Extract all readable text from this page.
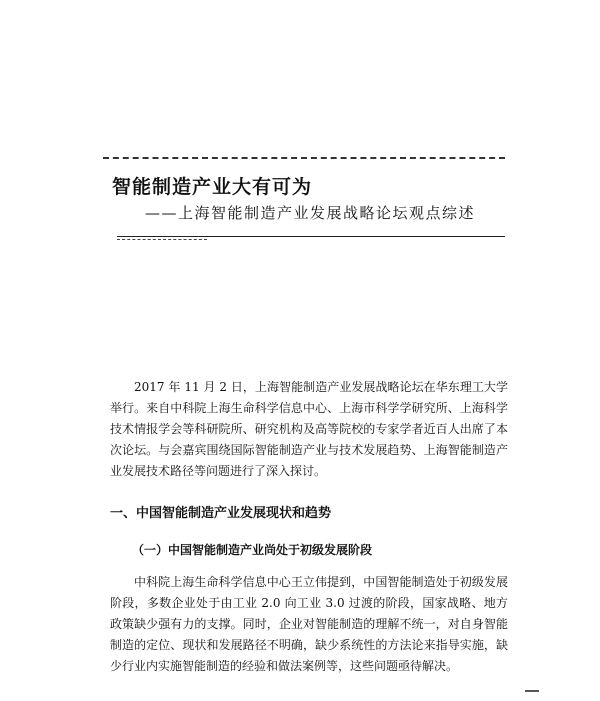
智能制造产业大有可为
——上海智能制造产业发展战略论坛观点综述

2017 年 11 月 2 日，上海智能制造产业发展战略论坛在华东理工大学举行。来自中科院上海生命科学信息中心、上海市科学学研究所、上海科学技术情报学会等科研院所、研究机构及高等院校的专家学者近百人出席了本次论坛。与会嘉宾围绕国际智能制造产业与技术发展趋势、上海智能制造产业发展技术路径等问题进行了深入探讨。

一、中国智能制造产业发展现状和趋势
（一）中国智能制造产业尚处于初级发展阶段

中科院上海生命科学信息中心王立伟提到，中国智能制造处于初级发展阶段，多数企业处于由工业 2.0 向工业 3.0 过渡的阶段，国家战略、地方政策缺少强有力的支撑。同时，企业对智能制造的理解不统一，对自身智能制造的定位、现状和发展路径不明确，缺少系统性的方法论来指导实施，缺少行业内实施智能制造的经验和做法案例等，这些问题亟待解决。
